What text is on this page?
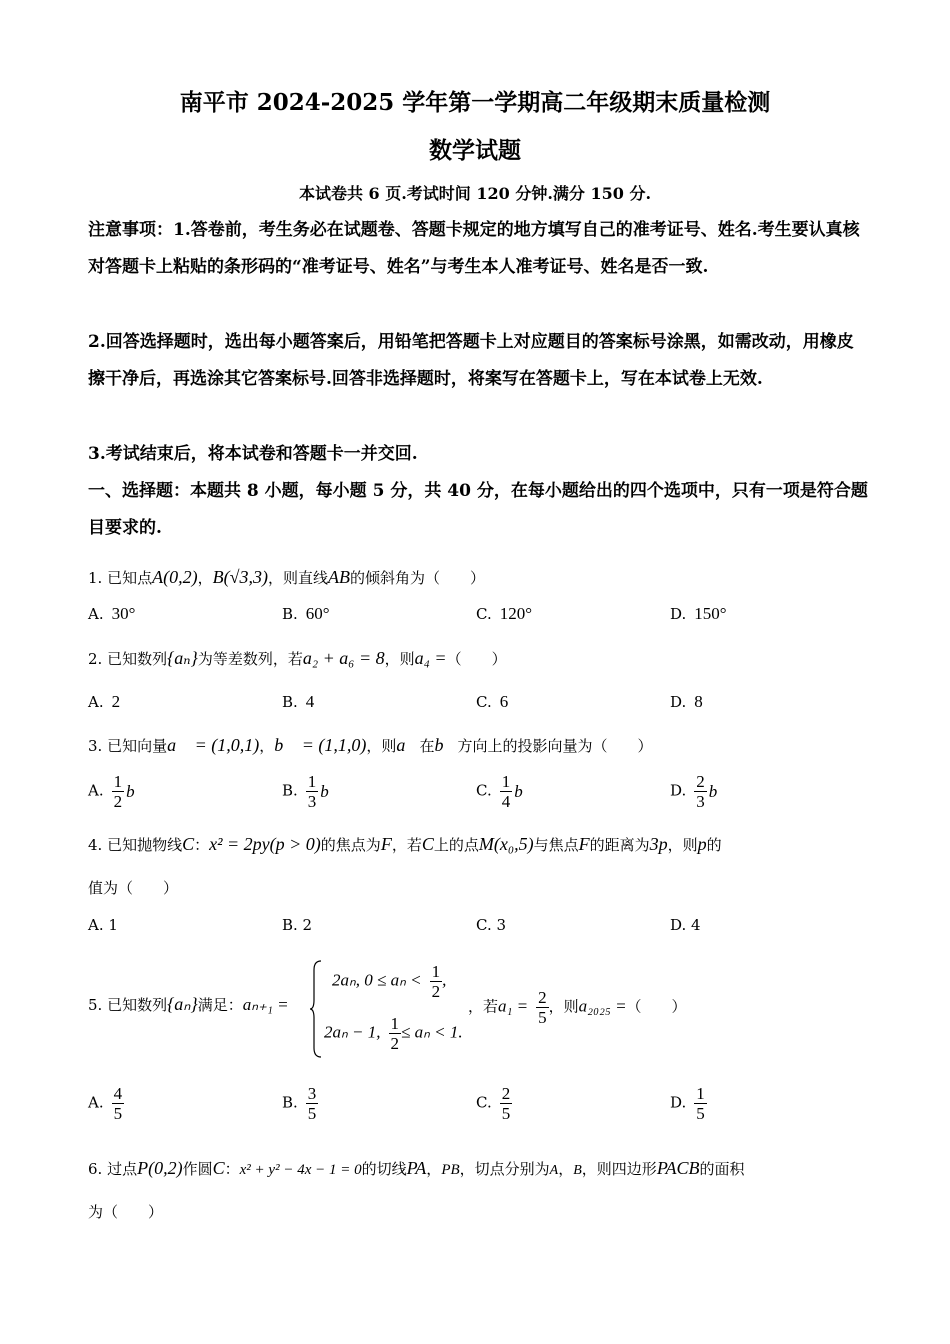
南平市 2024-2025 学年第一学期高二年级期末质量检测
数学试题
本试卷共 6 页.考试时间 120 分钟.满分 150 分.

注意事项：1.答卷前，考生务必在试题卷、答题卡规定的地方填写自己的准考证号、姓名.考生要认真核对答题卡上粘贴的条形码的“准考证号、姓名”与考生本人准考证号、姓名是否一致.

2.回答选择题时，选出每小题答案后，用铅笔把答题卡上对应题目的答案标号涂黑，如需改动，用橡皮擦干净后，再选涂其它答案标号.回答非选择题时，将案写在答题卡上，写在本试卷上无效.

3.考试结束后，将本试卷和答题卡一并交回.

一、选择题：本题共 8 小题，每小题 5 分，共 40 分，在每小题给出的四个选项中，只有一项是符合题目要求的.
1. 已知点A(0,2)，B(√3,3)，则直线AB的倾斜角为（　　）
A. 30°	B. 60°	C. 120°	D. 150°
2. 已知数列{aₙ}为等差数列，若a₂ + a₆ = 8，则a₄ =（　　）
A. 2	B. 4	C. 6	D. 8
3. 已知向量a⃗ = (1,0,1)，b⃗ = (1,1,0)，则a⃗在b⃗方向上的投影向量为（　　）
A. $\frac{1}{2}$ b	B. $\frac{1}{3}$ b⃗	C. $\frac{1}{4}$ b⃗	D. $\frac{2}{3}$ b⃗
4. 已知抛物线C：x² = 2py(p > 0)的焦点为F，若C上的点M(x₀,5)与焦点F的距离为3p，则p的
值为（　　）
A. 1	B. 2	C. 3	D. 4
5. 已知数列{aₙ}满足：aₙ₊₁ =
2aₙ, $0 \le a_n < \frac{1}{2}$ ,
2aₙ − 1, $\frac{1}{2} \le a_n < 1$.
，若$a_1 = \frac{2}{5}$ ，则a₂₀₂₅ =（　　）
A. $\frac{4}{5}$	B. $\frac{3}{5}$	C. $\frac{2}{5}$	D. $\frac{1}{5}$
6. 过点P(0,2)作圆C：x² + y² − 4x − 1 = 0的切线PA，PB，切点分别为A，B，则四边形PACB的面积
为（　　）
